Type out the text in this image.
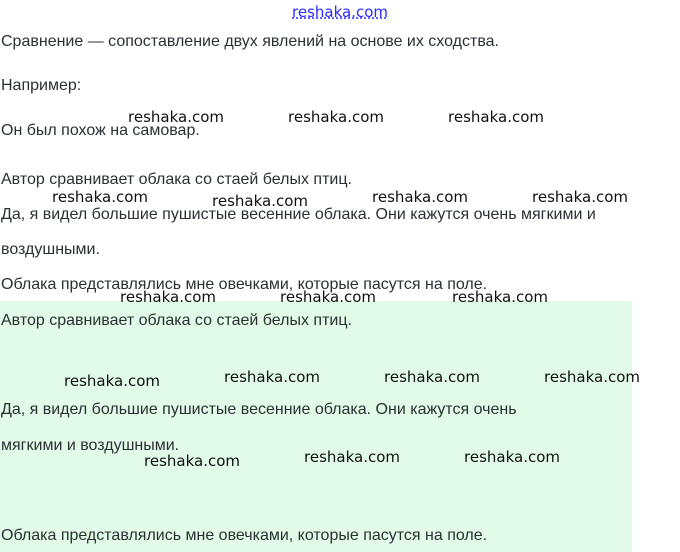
reshaka.com
Сравнение — сопоставление двух явлений на основе их сходства.
Например:
Он был похож на самовар.
Автор сравнивает облака со стаей белых птиц.
Да, я видел большие пушистые весенние облака. Они кажутся очень мягкими и
воздушными.
Облака представлялись мне овечками, которые пасутся на поле.
Автор сравнивает облака со стаей белых птиц.
Да, я видел большие пушистые весенние облака. Они кажутся очень
мягкими и воздушными.
Облака представлялись мне овечками, которые пасутся на поле.
reshaka.com	reshaka.com	reshaka.com
reshaka.com	reshaka.com	reshaka.com	reshaka.com
reshaka.com	reshaka.com	reshaka.com
reshaka.com	reshaka.com	reshaka.com	reshaka.com
reshaka.com	reshaka.com	reshaka.com
